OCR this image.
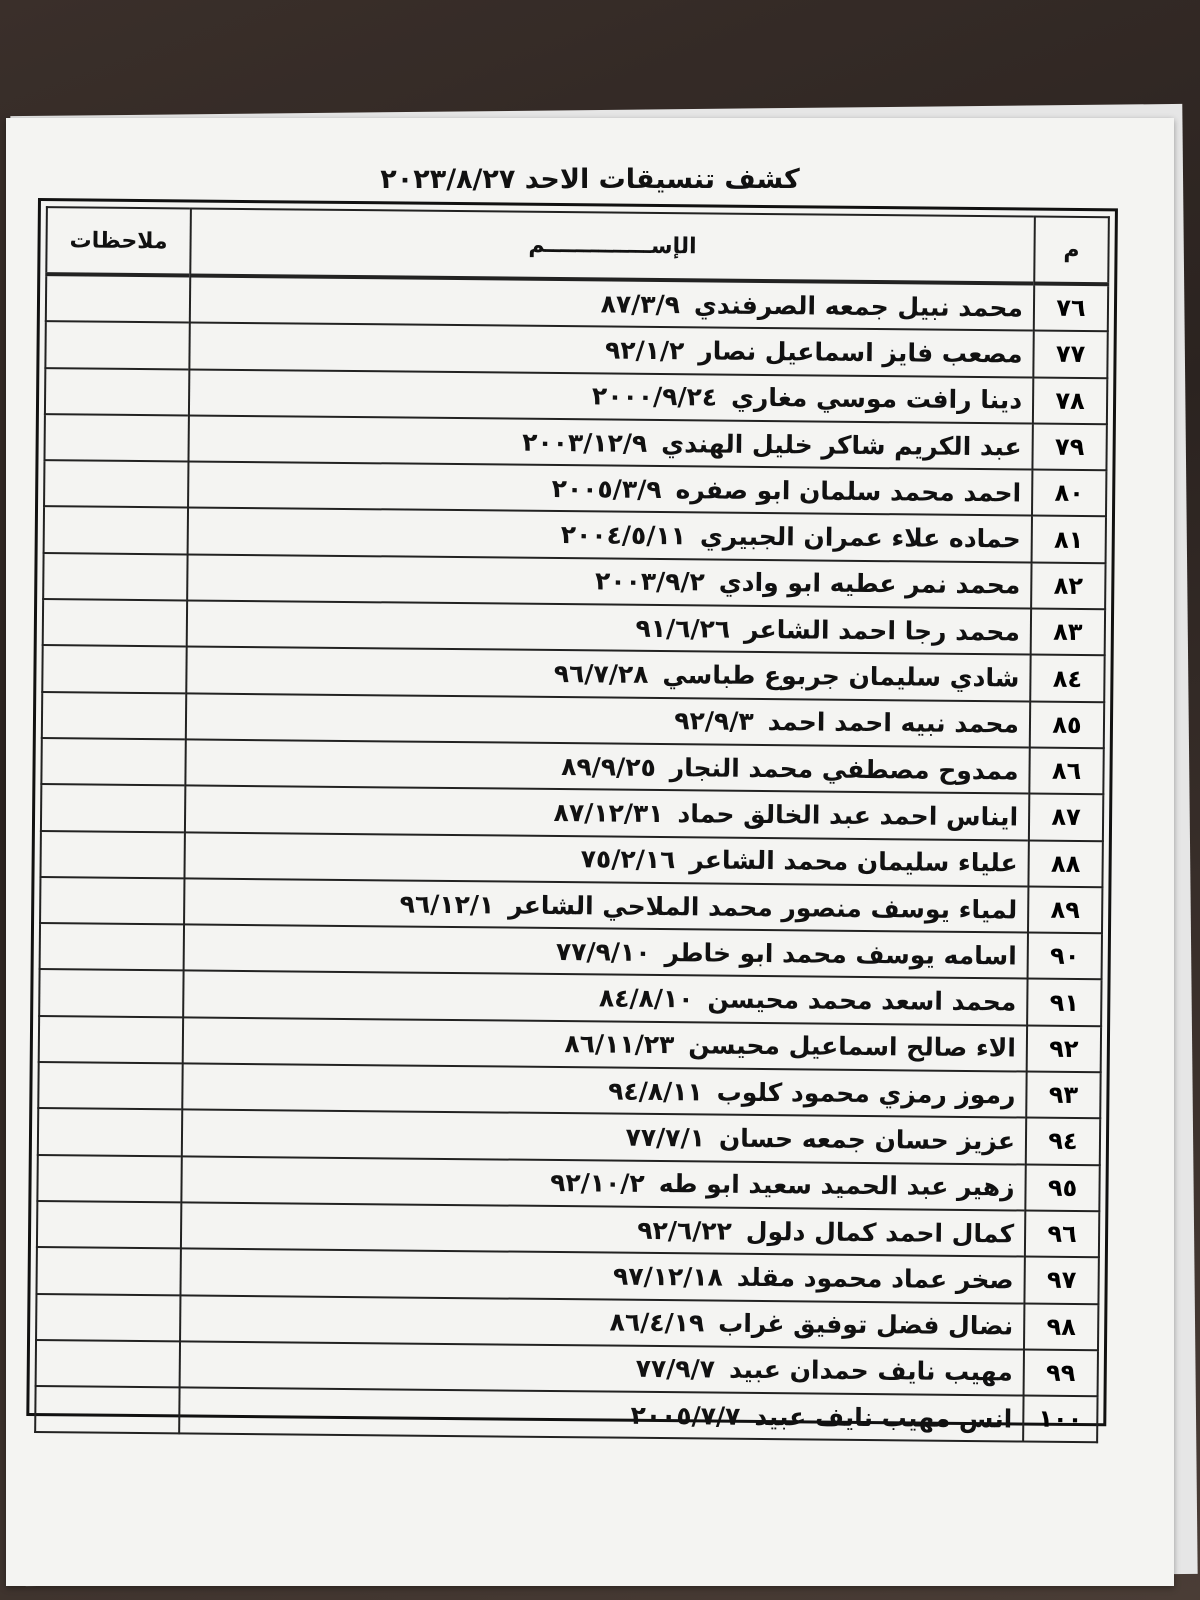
كشف تنسيقات الاحد ٢٠٢٣/٨/٢٧
م	الإســــــــــــــم	ملاحظات
٧٦	محمد نبيل جمعه الصرفندي٨٧/٣/٩	
٧٧	مصعب فايز اسماعيل نصار٩٢/١/٢	
٧٨	دينا رافت موسي مغاري٢٠٠٠/٩/٢٤	
٧٩	عبد الكريم شاكر خليل الهندي٢٠٠٣/١٢/٩	
٨٠	احمد محمد سلمان ابو صفره٢٠٠٥/٣/٩	
٨١	حماده علاء عمران الجبيري٢٠٠٤/٥/١١	
٨٢	محمد نمر عطيه ابو وادي٢٠٠٣/٩/٢	
٨٣	محمد رجا احمد الشاعر٩١/٦/٢٦	
٨٤	شادي سليمان جربوع طباسي٩٦/٧/٢٨	
٨٥	محمد نبيه احمد احمد٩٢/٩/٣	
٨٦	ممدوح مصطفي محمد النجار٨٩/٩/٢٥	
٨٧	ايناس احمد عبد الخالق حماد٨٧/١٢/٣١	
٨٨	علياء سليمان محمد الشاعر٧٥/٢/١٦	
٨٩	لمياء يوسف منصور محمد الملاحي الشاعر٩٦/١٢/١	
٩٠	اسامه يوسف محمد ابو خاطر٧٧/٩/١٠	
٩١	محمد اسعد محمد محيسن٨٤/٨/١٠	
٩٢	الاء صالح اسماعيل محيسن٨٦/١١/٢٣	
٩٣	رموز رمزي محمود كلوب٩٤/٨/١١	
٩٤	عزيز حسان جمعه حسان٧٧/٧/١	
٩٥	زهير عبد الحميد سعيد ابو طه٩٢/١٠/٢	
٩٦	كمال احمد كمال دلول٩٢/٦/٢٢	
٩٧	صخر عماد محمود مقلد٩٧/١٢/١٨	
٩٨	نضال فضل توفيق غراب٨٦/٤/١٩	
٩٩	مهيب نايف حمدان عبيد٧٧/٩/٧	
١٠٠	انس مهيب نايف عبيد٢٠٠٥/٧/٧	
